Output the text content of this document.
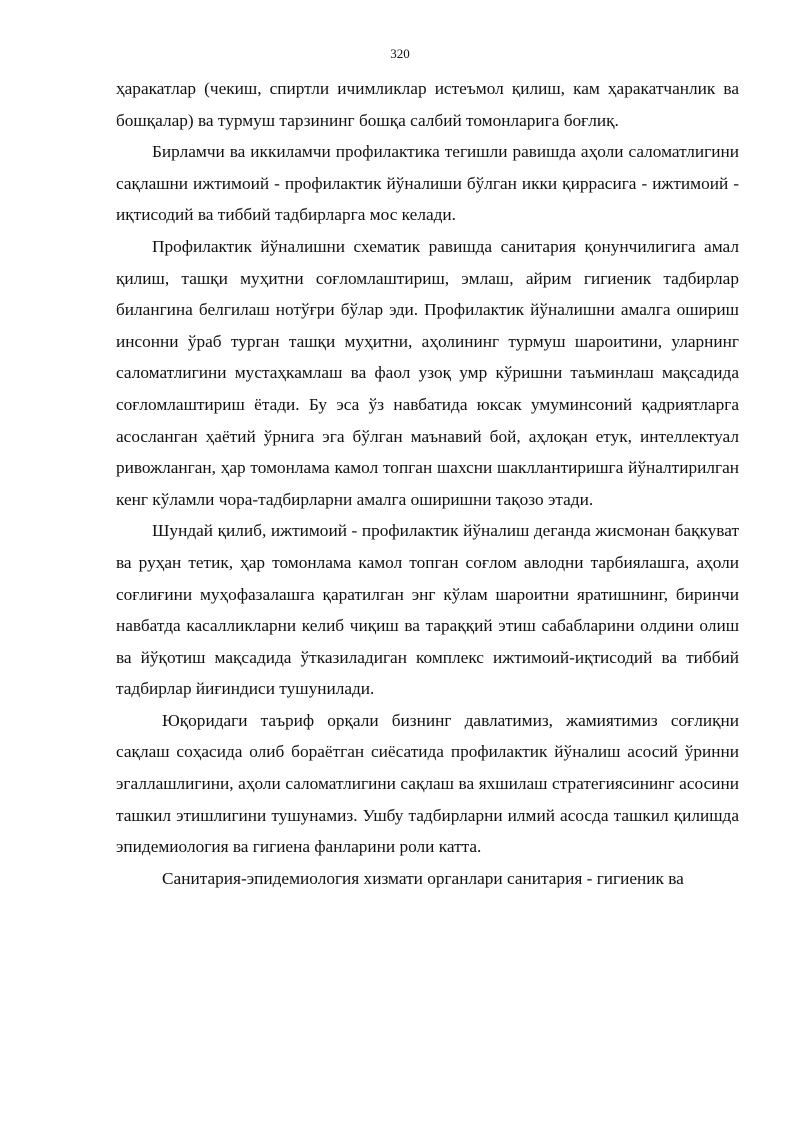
320

ҳаракатлар (чекиш, спиртли ичимликлар истеъмол қилиш, кам ҳаракатчанлик ва бошқалар) ва турмуш тарзининг бошқа салбий томонларига боғлиқ.

Бирламчи ва иккиламчи профилактика тегишли равишда аҳоли саломатлигини сақлашни ижтимоий - профилактик йўналиши бўлган икки қиррасига - ижтимоий - иқтисодий ва тиббий тадбирларга мос келади.

Профилактик йўналишни схематик равишда санитария қонунчилигига амал қилиш, ташқи муҳитни соғломлаштириш, эмлаш, айрим гигиеник тадбирлар билангина белгилаш нотўғри бўлар эди. Профилактик йўналишни амалга ошириш инсонни ўраб турган ташқи муҳитни, аҳолининг турмуш шароитини, уларнинг саломатлигини мустаҳкамлаш ва фаол узоқ умр кўришни таъминлаш мақсадида соғломлаштириш ётади. Бу эса ўз навбатида юксак умуминсоний қадриятларга асосланган ҳаётий ўрнига эга бўлган маънавий бой, аҳлоқан етук, интеллектуал ривожланган, ҳар томонлама камол топган шахсни шакллантиришга йўналтирилган кенг кўламли чора-тадбирларни амалга оширишни тақозо этади.

Шундай қилиб, ижтимоий - профилактик йўналиш деганда жисмонан бақкуват ва руҳан тетик, ҳар томонлама камол топган соғлом авлодни тарбиялашга, аҳоли соғлиғини муҳофазалашга қаратилган энг кўлам шароитни яратишнинг, биринчи навбатда касалликларни келиб чиқиш ва тараққий этиш сабабларини олдини олиш ва йўқотиш мақсадида ўтказиладиган комплекс ижтимоий-иқтисодий ва тиббий тадбирлар йиғиндиси тушунилади.

Юқоридаги таъриф орқали бизнинг давлатимиз, жамиятимиз соғлиқни сақлаш соҳасида олиб бораётган сиёсатида профилактик йўналиш асосий ўринни эгаллашлигини, аҳоли саломатлигини сақлаш ва яхшилаш стратегиясининг асосини ташкил этишлигини тушунамиз. Ушбу тадбирларни илмий асосда ташкил қилишда эпидемиология ва гигиена фанларини роли катта.

Санитария-эпидемиология хизмати органлари санитария - гигиеник ва
